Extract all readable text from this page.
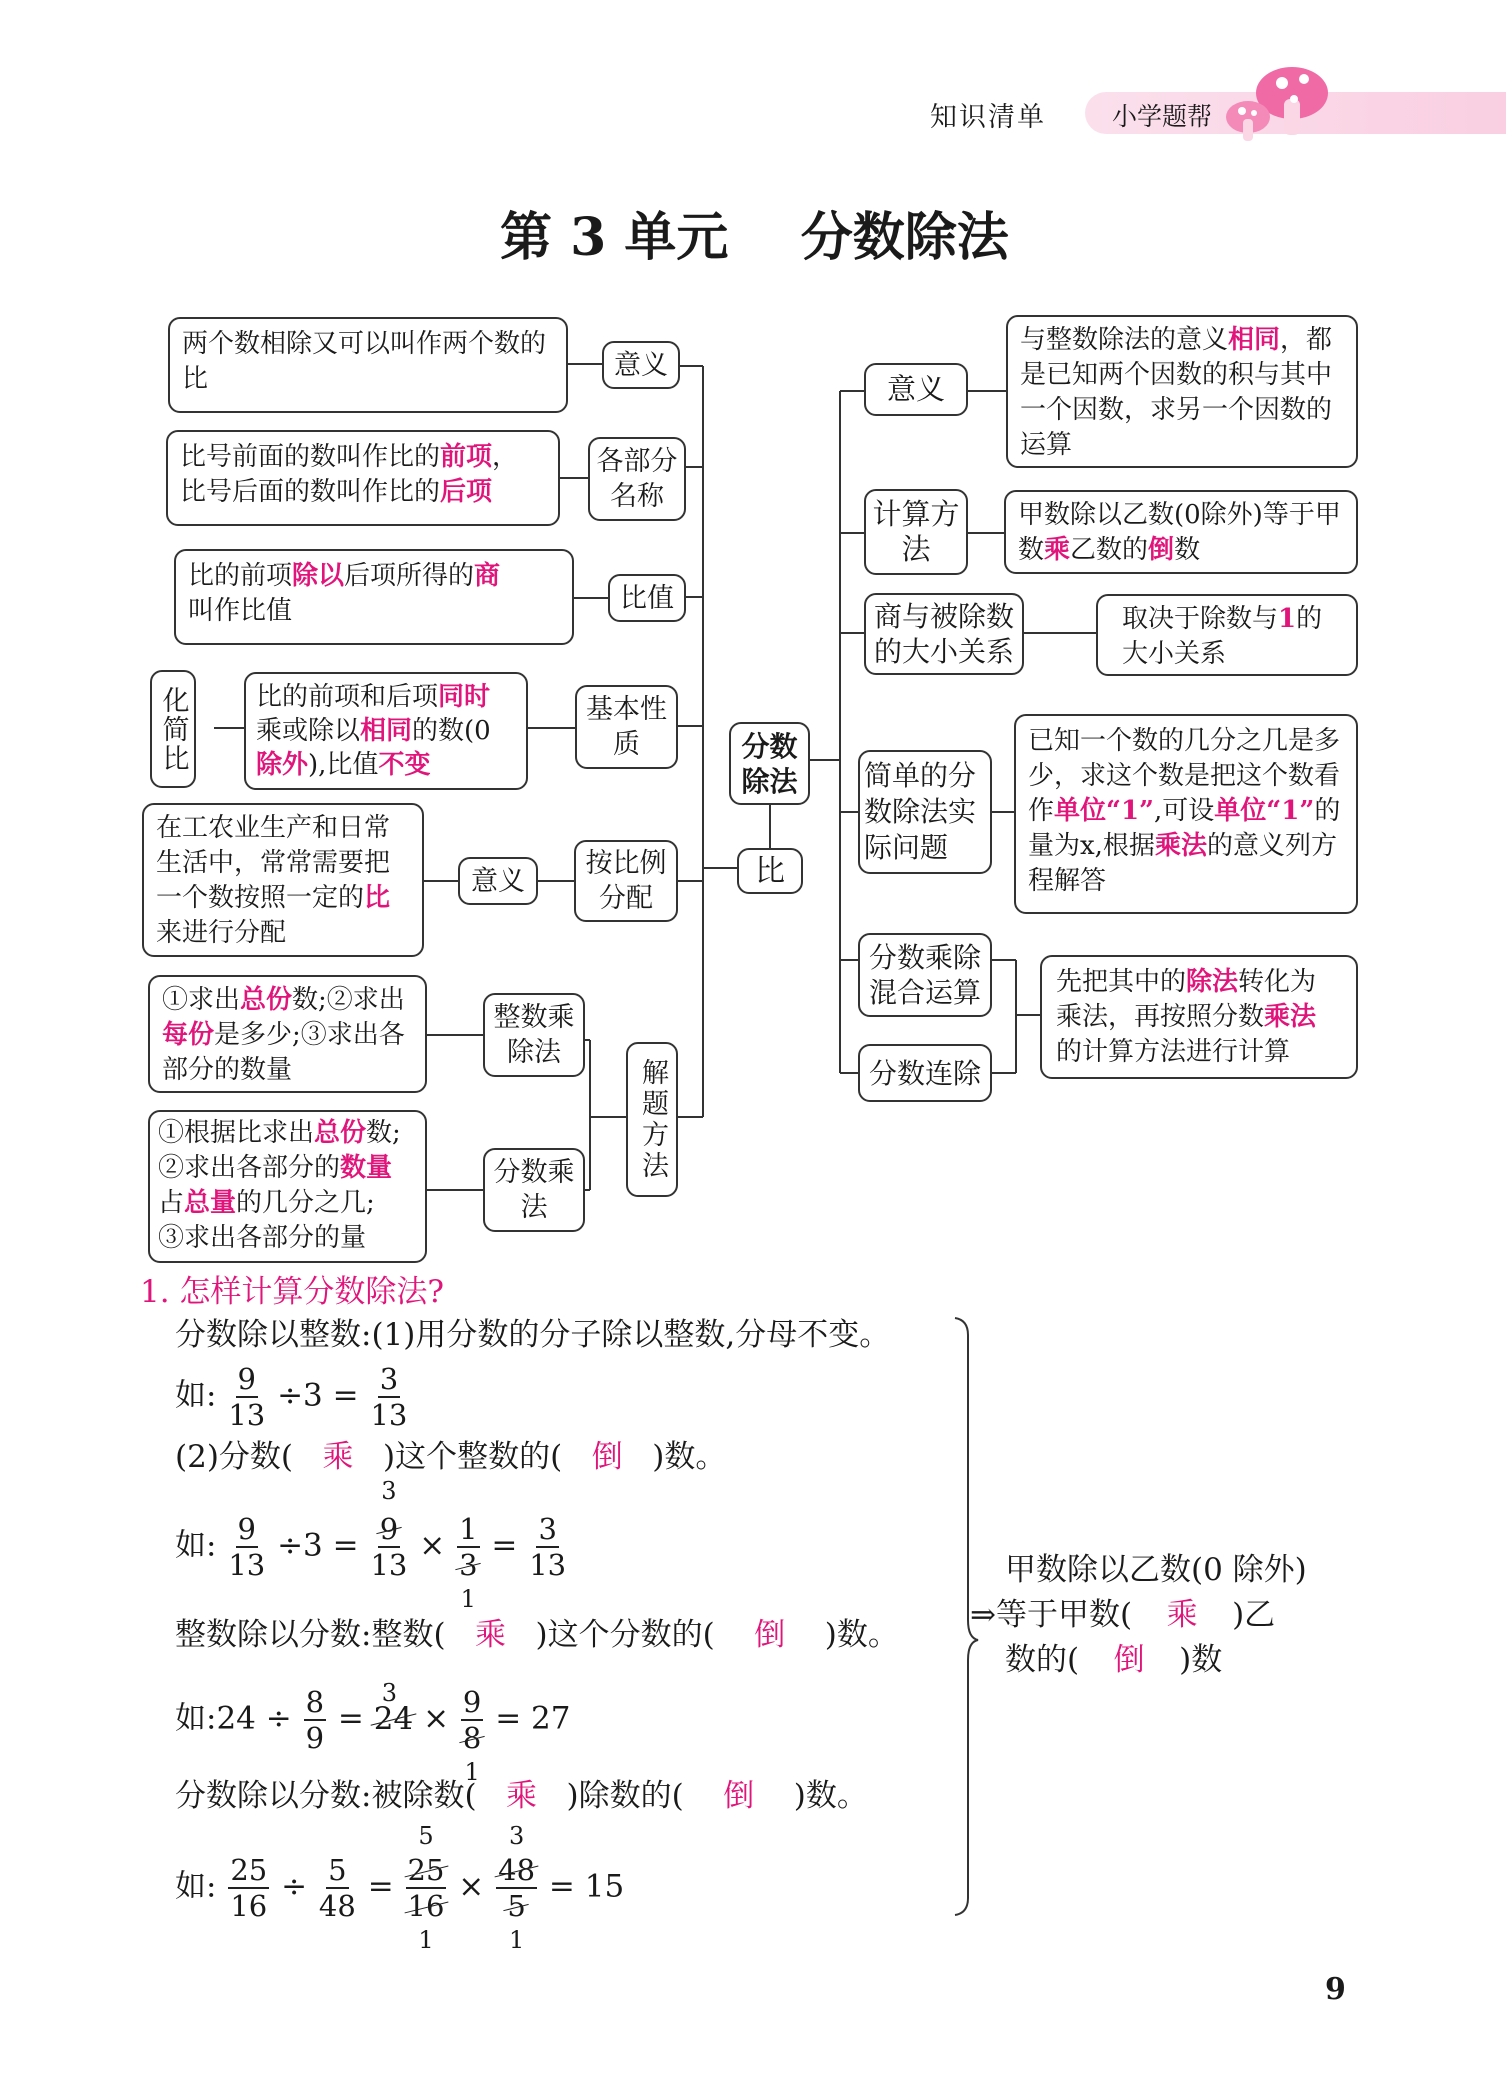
知识清单	小学题帮
第 3 单元    分数除法
两个数相除又可以叫作两个数的比	意义
比号前面的数叫作比的前项，
比号后面的数叫作比的后项
各部分名称
比的前项除以后项所得的商
叫作比值	比值
化简比	比的前项和后项同时乘或除以相同的数(0除外),比值不变
基本性质
在工农业生产和日常生活中，常常需要把一个数按照一定的比来进行分配
意义
按比例分配
①求出总份数;②求出每份是多少;③求出各部分的数量
整数乘除法
①根据比求出总份数;
②求出各部分的数量
占总量的几分之几;
③求出各部分的量
分数乘法
解题方法
分数除法
比
意义
与整数除法的意义相同，都是已知两个因数的积与其中一个因数，求另一个因数的运算
计算方法
甲数除以乙数(0除外)等于甲数乘乙数的倒数
商与被除数的大小关系
取决于除数与1的大小关系
简单的分数除法实际问题
已知一个数的几分之几是多少，求这个数是把这个数看作单位“1”,可设单位“1”的量为x,根据乘法的意义列方程解答
分数乘除混合运算
分数连除
先把其中的除法转化为乘法，再按照分数乘法的计算方法进行计算
1. 怎样计算分数除法?
分数除以整数:(1)用分数的分子除以整数,分母不变。
如: $\frac{9}{13} \div 3 = \frac{3}{13}$
(2)分数( 乘 )这个整数的( 倒 )数。
如: $\frac{9}{13} \div 3$ =
3
9
13
× 1
3
1
= $\frac{3}{13}$
整数除以分数:整数( 乘 )这个分数的( 倒 )数。
如:24 ÷ $\frac{8}{9}$ =
3
24 × 9
8
1
= 27
分数除以分数:被除数( 乘 )除数的( 倒 )数。
如: $\frac{25}{16} \div \frac{5}{48}$ =
5
25
16
1
×
3
48
5
1
= 15
甲数除以乙数(0 除外)
⇒等于甲数( 乘 )乙
数的( 倒 )数
9
